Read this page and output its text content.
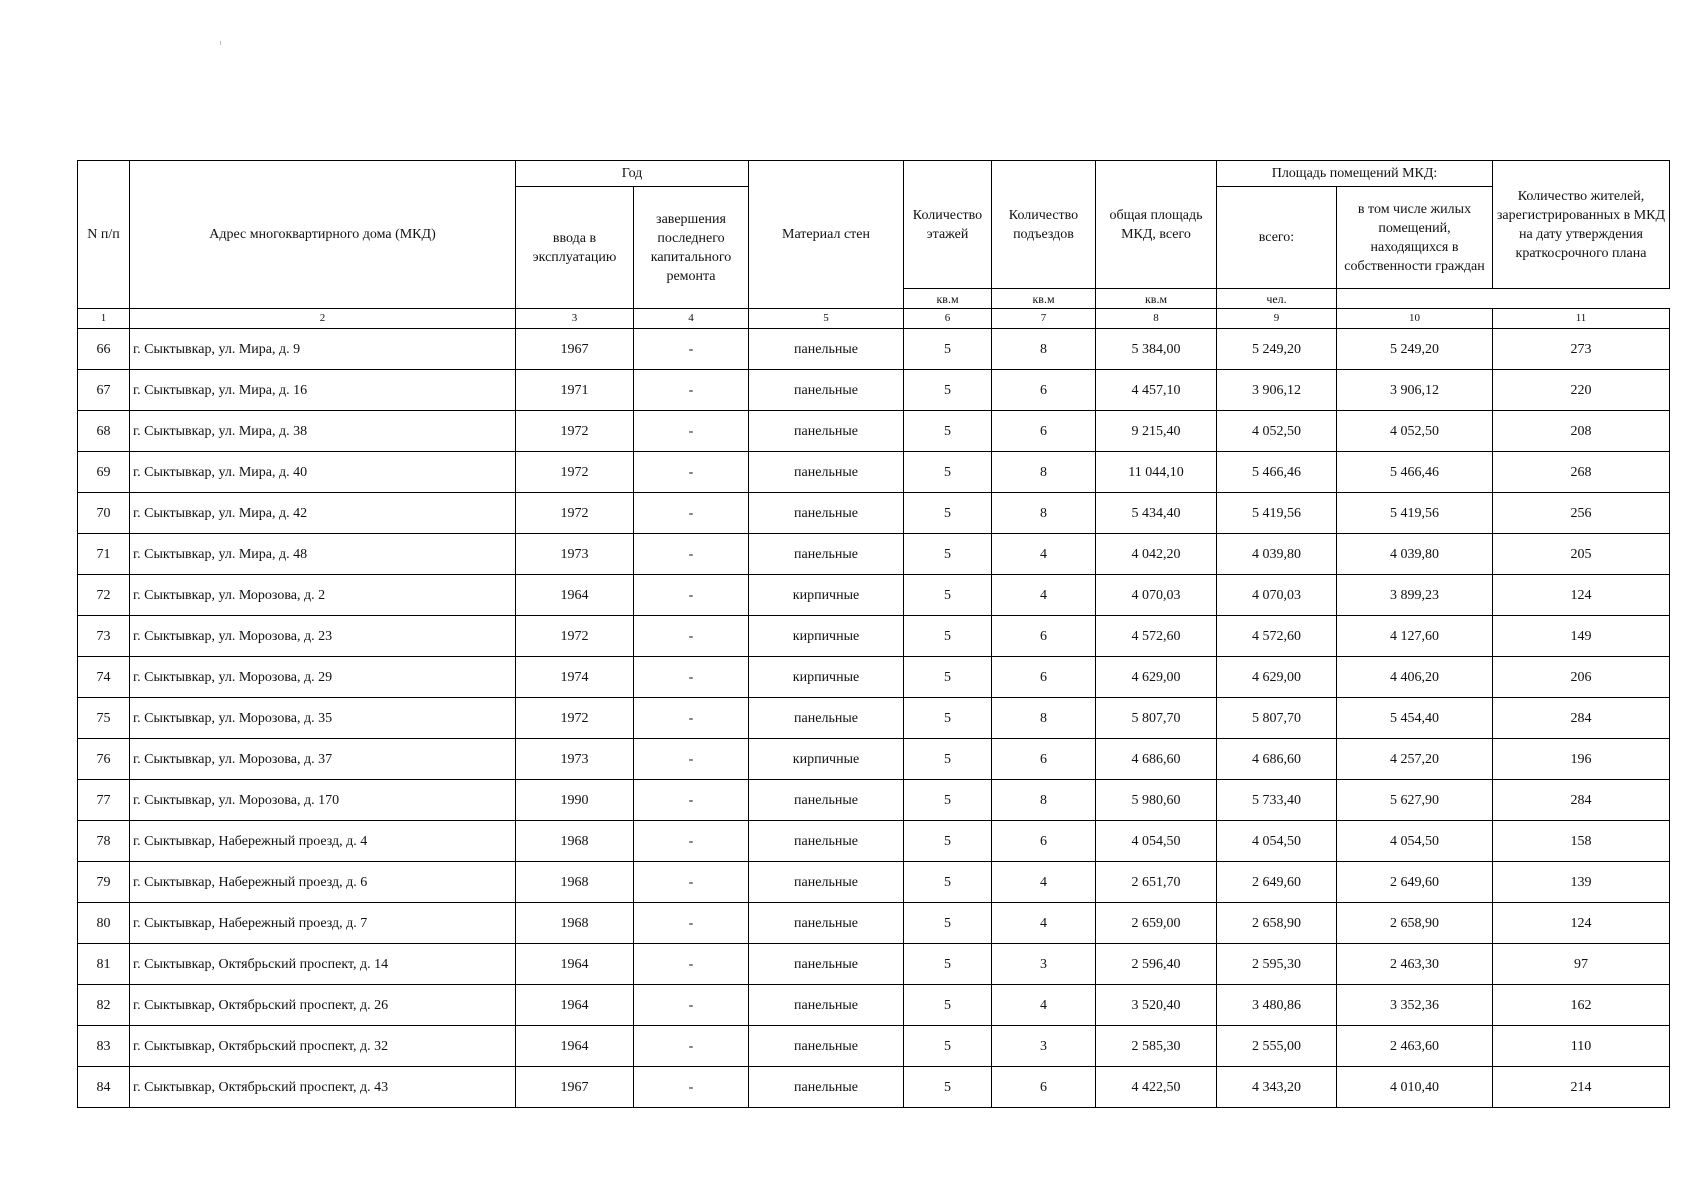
N п/п	Адрес многоквартирного дома (МКД)	Год		Материал стен	Количество этажей	Количество подъездов	общая площадь МКД, всего	Площадь помещений МКД:		Количество жителей, зарегистрированных в МКД на дату утверждения краткосрочного плана
		ввода в эксплуатацию	завершения последнего капитального ремонта					всего:	в том числе жилых помещений, находящихся в собственности граждан	
					кв.м	кв.м	кв.м	чел.		
1	2	3	4	5	6	7	8	9	10	11
66	г. Сыктывкар, ул. Мира, д. 9	1967	-	панельные	5	8	5 384,00	5 249,20	5 249,20	273
67	г. Сыктывкар, ул. Мира, д. 16	1971	-	панельные	5	6	4 457,10	3 906,12	3 906,12	220
68	г. Сыктывкар, ул. Мира, д. 38	1972	-	панельные	5	6	9 215,40	4 052,50	4 052,50	208
69	г. Сыктывкар, ул. Мира, д. 40	1972	-	панельные	5	8	11 044,10	5 466,46	5 466,46	268
70	г. Сыктывкар, ул. Мира, д. 42	1972	-	панельные	5	8	5 434,40	5 419,56	5 419,56	256
71	г. Сыктывкар, ул. Мира, д. 48	1973	-	панельные	5	4	4 042,20	4 039,80	4 039,80	205
72	г. Сыктывкар, ул. Морозова, д. 2	1964	-	кирпичные	5	4	4 070,03	4 070,03	3 899,23	124
73	г. Сыктывкар, ул. Морозова, д. 23	1972	-	кирпичные	5	6	4 572,60	4 572,60	4 127,60	149
74	г. Сыктывкар, ул. Морозова, д. 29	1974	-	кирпичные	5	6	4 629,00	4 629,00	4 406,20	206
75	г. Сыктывкар, ул. Морозова, д. 35	1972	-	панельные	5	8	5 807,70	5 807,70	5 454,40	284
76	г. Сыктывкар, ул. Морозова, д. 37	1973	-	кирпичные	5	6	4 686,60	4 686,60	4 257,20	196
77	г. Сыктывкар, ул. Морозова, д. 170	1990	-	панельные	5	8	5 980,60	5 733,40	5 627,90	284
78	г. Сыктывкар, Набережный проезд, д. 4	1968	-	панельные	5	6	4 054,50	4 054,50	4 054,50	158
79	г. Сыктывкар, Набережный проезд, д. 6	1968	-	панельные	5	4	2 651,70	2 649,60	2 649,60	139
80	г. Сыктывкар, Набережный проезд, д. 7	1968	-	панельные	5	4	2 659,00	2 658,90	2 658,90	124
81	г. Сыктывкар, Октябрьский проспект, д. 14	1964	-	панельные	5	3	2 596,40	2 595,30	2 463,30	97
82	г. Сыктывкар, Октябрьский проспект, д. 26	1964	-	панельные	5	4	3 520,40	3 480,86	3 352,36	162
83	г. Сыктывкар, Октябрьский проспект, д. 32	1964	-	панельные	5	3	2 585,30	2 555,00	2 463,60	110
84	г. Сыктывкар, Октябрьский проспект, д. 43	1967	-	панельные	5	6	4 422,50	4 343,20	4 010,40	214
